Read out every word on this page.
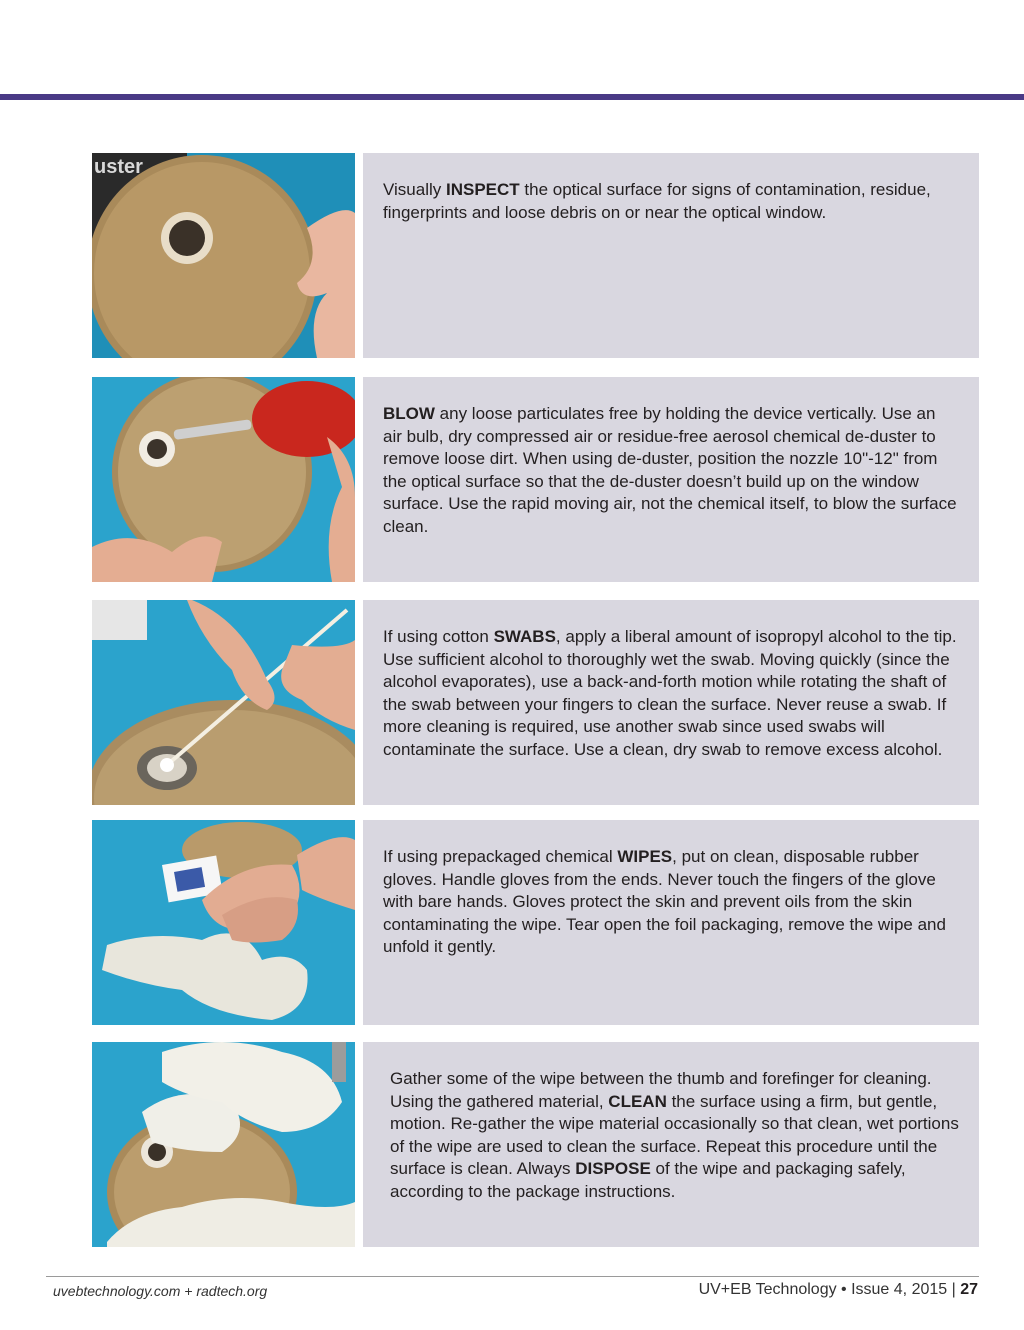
uster

Visually INSPECT the optical surface for signs of contamination, residue, fingerprints and loose debris on or near the optical window.

BLOW any loose particulates free by holding the device vertically. Use an air bulb, dry compressed air or residue-free aerosol chemical de-duster to remove loose dirt. When using de-duster, position the nozzle 10"-12" from the optical surface so that the de-duster doesn’t build up on the window surface. Use the rapid moving air, not the chemical itself, to blow the surface clean.

If using cotton SWABS, apply a liberal amount of isopropyl alcohol to the tip. Use sufficient alcohol to thoroughly wet the swab. Moving quickly (since the alcohol evaporates), use a back-and-forth motion while rotating the shaft of the swab between your fingers to clean the surface. Never reuse a swab. If more cleaning is required, use another swab since used swabs will contaminate the surface. Use a clean, dry swab to remove excess alcohol.

If using prepackaged chemical WIPES, put on clean, disposable rubber gloves. Handle gloves from the ends. Never touch the fingers of the glove with bare hands. Gloves protect the skin and prevent oils from the skin contaminating the wipe. Tear open the foil packaging, remove the wipe and unfold it gently.

Gather some of the wipe between the thumb and forefinger for cleaning. Using the gathered material, CLEAN the surface using a firm, but gentle, motion. Re-gather the wipe material occasionally so that clean, wet portions of the wipe are used to clean the surface. Repeat this procedure until the surface is clean. Always DISPOSE of the wipe and packaging safely, according to the package instructions.

uvebtechnology.com + radtech.org	UV+EB Technology • Issue 4, 2015 | 27
